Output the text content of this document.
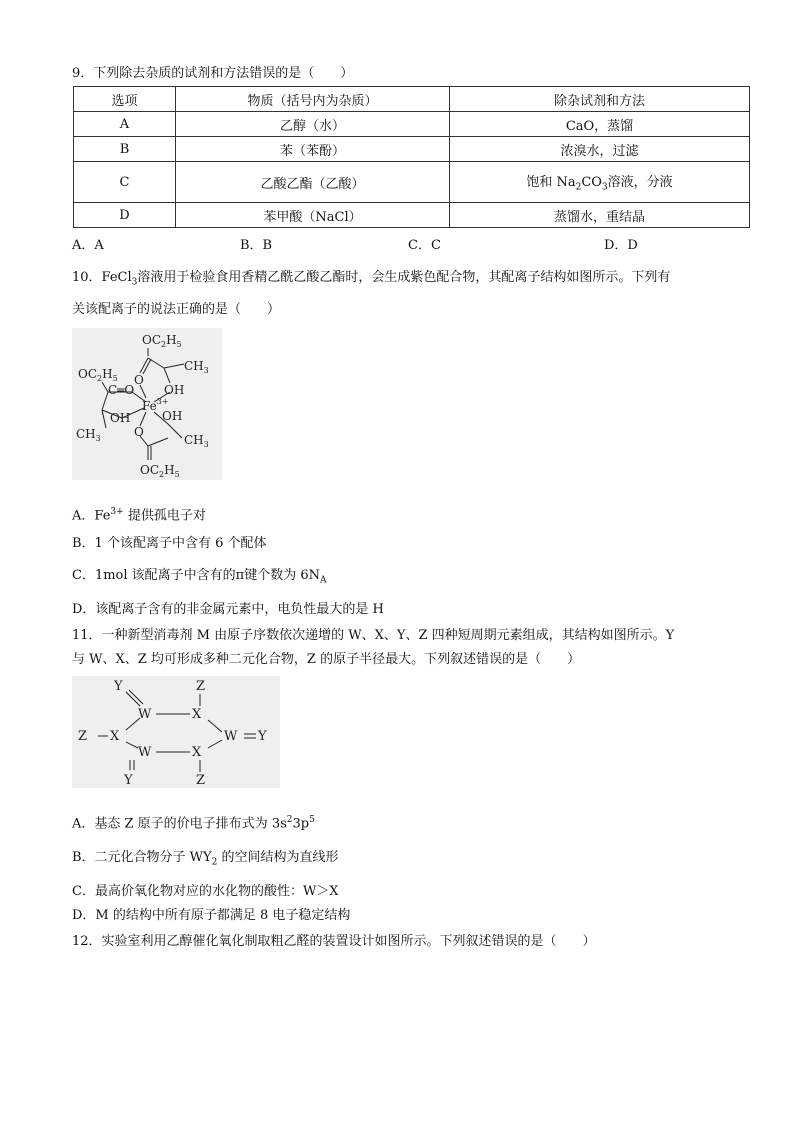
9．下列除去杂质的试剂和方法错误的是（　　）
选项	物质（括号内为杂质）	除杂试剂和方法
A	乙醇（水）	CaO，蒸馏
B	苯（苯酚）	浓溴水，过滤
C	乙酸乙酯（乙酸）	饱和 $Na_2CO_3$溶液，分液
D	苯甲酸（NaCl）	蒸馏水，重结晶
A．A	B．B	C．C	D．D
10．FeCl$_3$溶液用于检验食用香精乙酰乙酸乙酯时，会生成紫色配合物，其配离子结构如图所示。下列有
关该配离子的说法正确的是（　　）
$OC_2H_5$
$CH_3$
O
OH
$OC_2H_5$
C═O
$Fe^{3+}$
OH
OH
$CH_3$	O
$CH_3$
$OC_2H_5$
A．$Fe^{3+}$ 提供孤电子对
B．1 个该配离子中含有 6 个配体
C．1mol 该配离子中含有的π键个数为 $6N_A$
D．该配离子含有的非金属元素中，电负性最大的是 H
11．一种新型消毒剂 M 由原子序数依次递增的 W、X、Y、Z 四种短周期元素组成，其结构如图所示。Y
与 W、X、Z 均可形成多种二元化合物，Z 的原子半径最大。下列叙述错误的是（　　）
Y	Z
W	X
Z X	W Y
W	X
Y	Z
A．基态 Z 原子的价电子排布式为 $3s^23p^5$
B．二元化合物分子 $WY_2$ 的空间结构为直线形
C．最高价氧化物对应的水化物的酸性：W＞X
D．M 的结构中所有原子都满足 8 电子稳定结构
12．实验室利用乙醇催化氧化制取粗乙醛的装置设计如图所示。下列叙述错误的是（　　）
